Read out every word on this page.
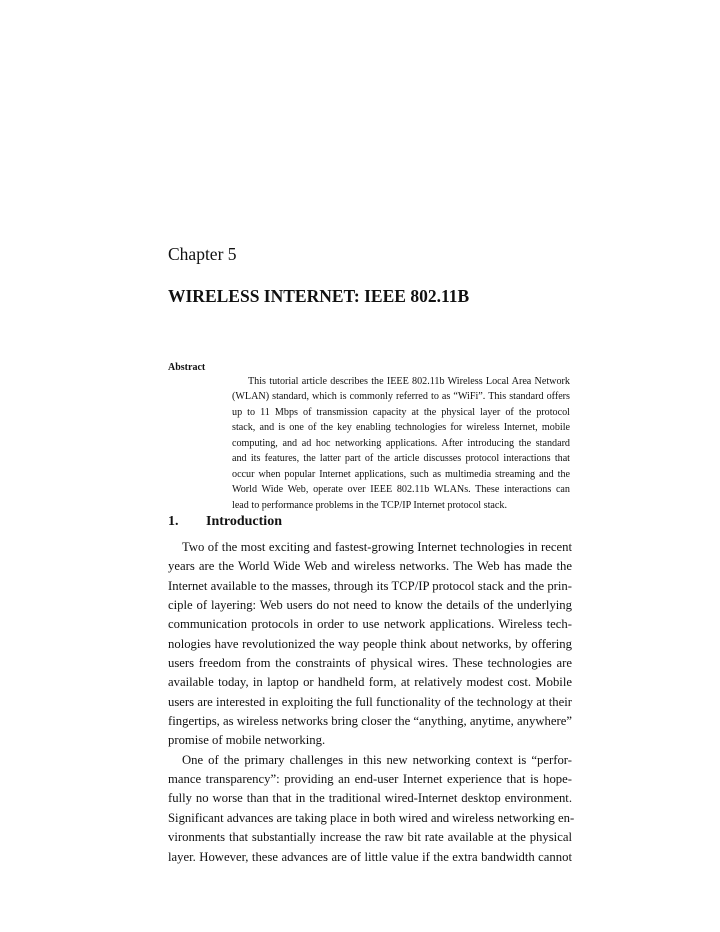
Chapter 5
WIRELESS INTERNET: IEEE 802.11B
Abstract
This tutorial article describes the IEEE 802.11b Wireless Local Area Network
(WLAN) standard, which is commonly referred to as “WiFi”. This standard offers
up to 11 Mbps of transmission capacity at the physical layer of the protocol
stack, and is one of the key enabling technologies for wireless Internet, mobile
computing, and ad hoc networking applications. After introducing the standard
and its features, the latter part of the article discusses protocol interactions that
occur when popular Internet applications, such as multimedia streaming and the
World Wide Web, operate over IEEE 802.11b WLANs. These interactions can
lead to performance problems in the TCP/IP Internet protocol stack.
1. Introduction
Two of the most exciting and fastest-growing Internet technologies in recent
years are the World Wide Web and wireless networks. The Web has made the
Internet available to the masses, through its TCP/IP protocol stack and the prin-
ciple of layering: Web users do not need to know the details of the underlying
communication protocols in order to use network applications. Wireless tech-
nologies have revolutionized the way people think about networks, by offering
users freedom from the constraints of physical wires. These technologies are
available today, in laptop or handheld form, at relatively modest cost. Mobile
users are interested in exploiting the full functionality of the technology at their
fingertips, as wireless networks bring closer the “anything, anytime, anywhere”
promise of mobile networking.
One of the primary challenges in this new networking context is “perfor-
mance transparency”: providing an end-user Internet experience that is hope-
fully no worse than that in the traditional wired-Internet desktop environment.
Significant advances are taking place in both wired and wireless networking en-
vironments that substantially increase the raw bit rate available at the physical
layer. However, these advances are of little value if the extra bandwidth cannot
